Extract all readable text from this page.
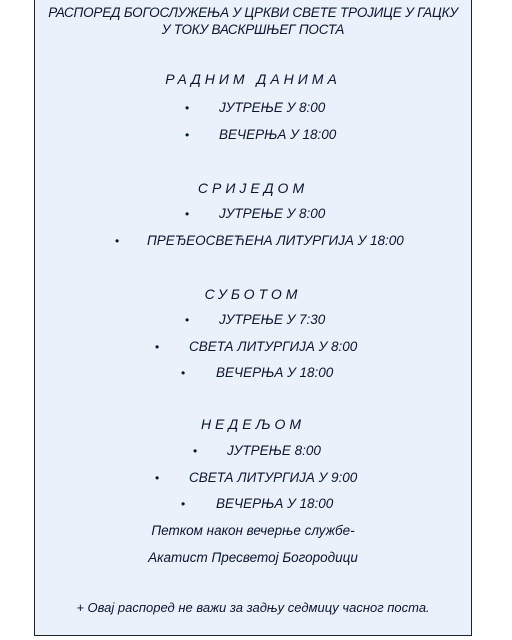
РАСПОРЕД БОГОСЛУЖЕЊА У ЦРКВИ СВЕТЕ ТРОЈИЦЕ У ГАЦКУ
У ТОКУ ВАСКРШЊЕГ ПОСТА
РАДНИМ ДАНИМА
• ЈУТРЕЊЕ У 8:00
• ВЕЧЕРЊА У 18:00
СРИЈЕДОМ
• ЈУТРЕЊЕ У 8:00
• ПРЕЂЕОСВЕЋЕНА ЛИТУРГИЈА У 18:00
СУБОТОМ
• ЈУТРЕЊЕ У 7:30
• СВЕТА ЛИТУРГИЈА У 8:00
• ВЕЧЕРЊА У 18:00
НЕДЕЉОМ
• ЈУТРЕЊЕ 8:00
• СВЕТА ЛИТУРГИЈА У 9:00
• ВЕЧЕРЊА У 18:00
Петком након вечерње службе-
Акатист Пресветој Богородици
+ Овај распоред не важи за задњу седмицу часног поста.
